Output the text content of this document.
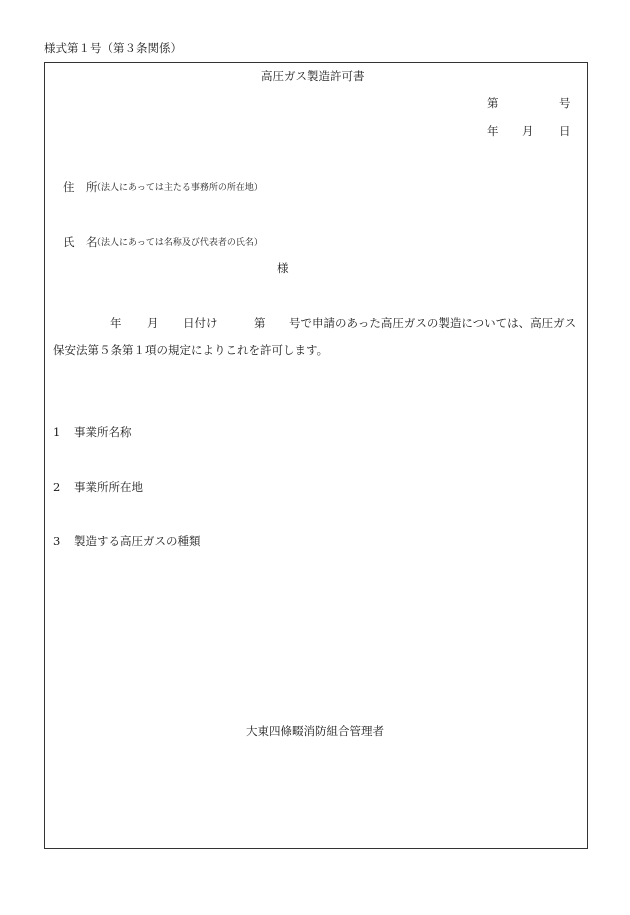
様式第１号（第３条関係）
高圧ガス製造許可書
第	号
年 月 日
住　所
（法人にあっては主たる事務所の所在地）
氏　名
（法人にあっては名称及び代表者の氏名）
様
年 月 日付け	第 号で申請のあった高圧ガスの製造については、高圧ガス
保安法第５条第１項の規定によりこれを許可します。
1 事業所名称
2 事業所所在地
3 製造する高圧ガスの種類
大東四條畷消防組合管理者
